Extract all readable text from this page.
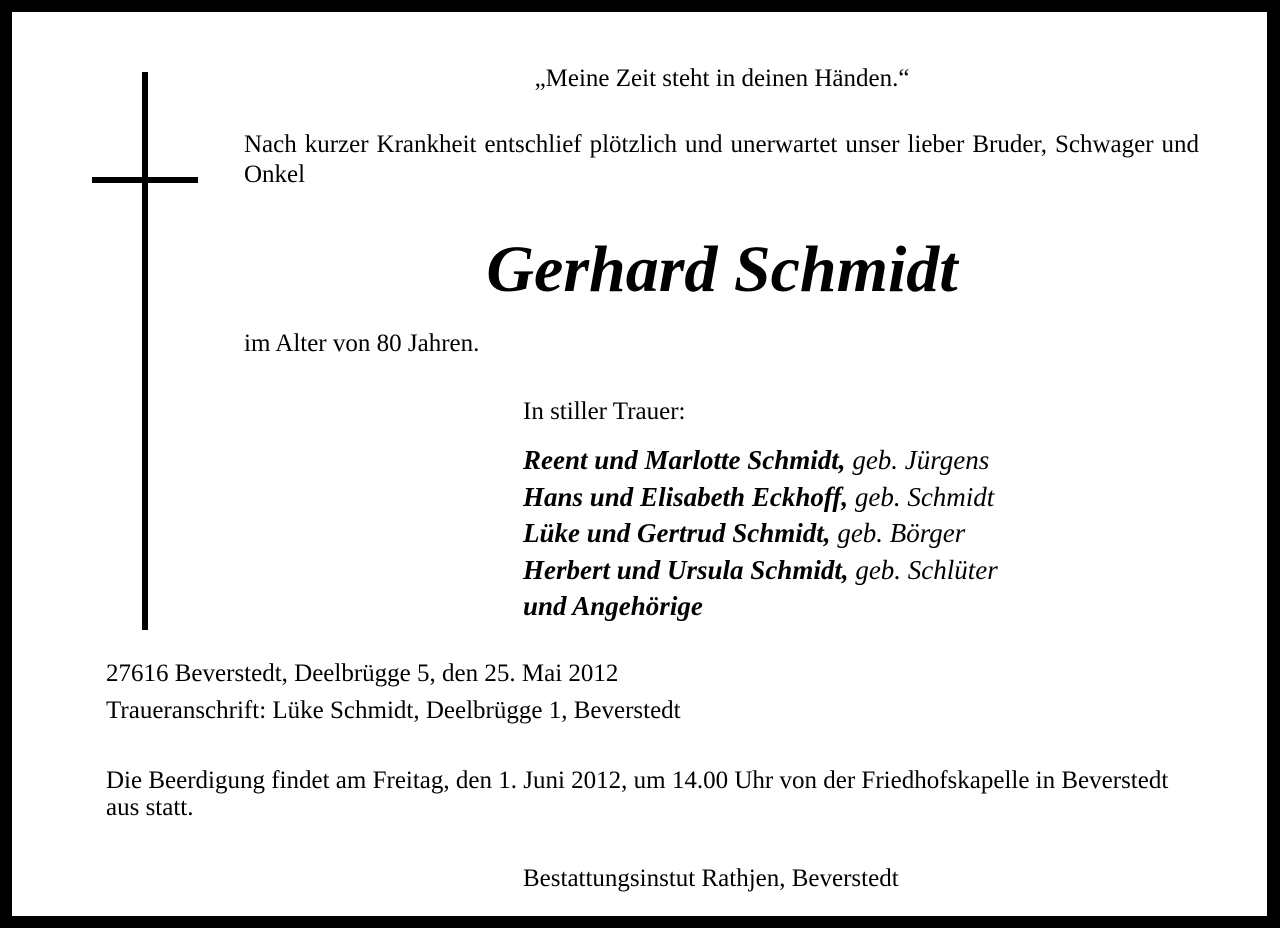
„Meine Zeit steht in deinen Händen.“

Nach kurzer Krankheit entschlief plötzlich und unerwartet unser lieber Bruder, Schwager und Onkel

Gerhard Schmidt

im Alter von 80 Jahren.

In stiller Trauer:

Reent und Marlotte Schmidt, geb. Jürgens
Hans und Elisabeth Eckhoff, geb. Schmidt
Lüke und Gertrud Schmidt, geb. Börger
Herbert und Ursula Schmidt, geb. Schlüter
und Angehörige

27616 Beverstedt, Deelbrügge 5, den 25. Mai 2012

Traueranschrift: Lüke Schmidt, Deelbrügge 1, Beverstedt

Die Beerdigung findet am Freitag, den 1. Juni 2012, um 14.00 Uhr von der Friedhofskapelle in Beverstedt aus statt.

Bestattungsinstut Rathjen, Beverstedt
